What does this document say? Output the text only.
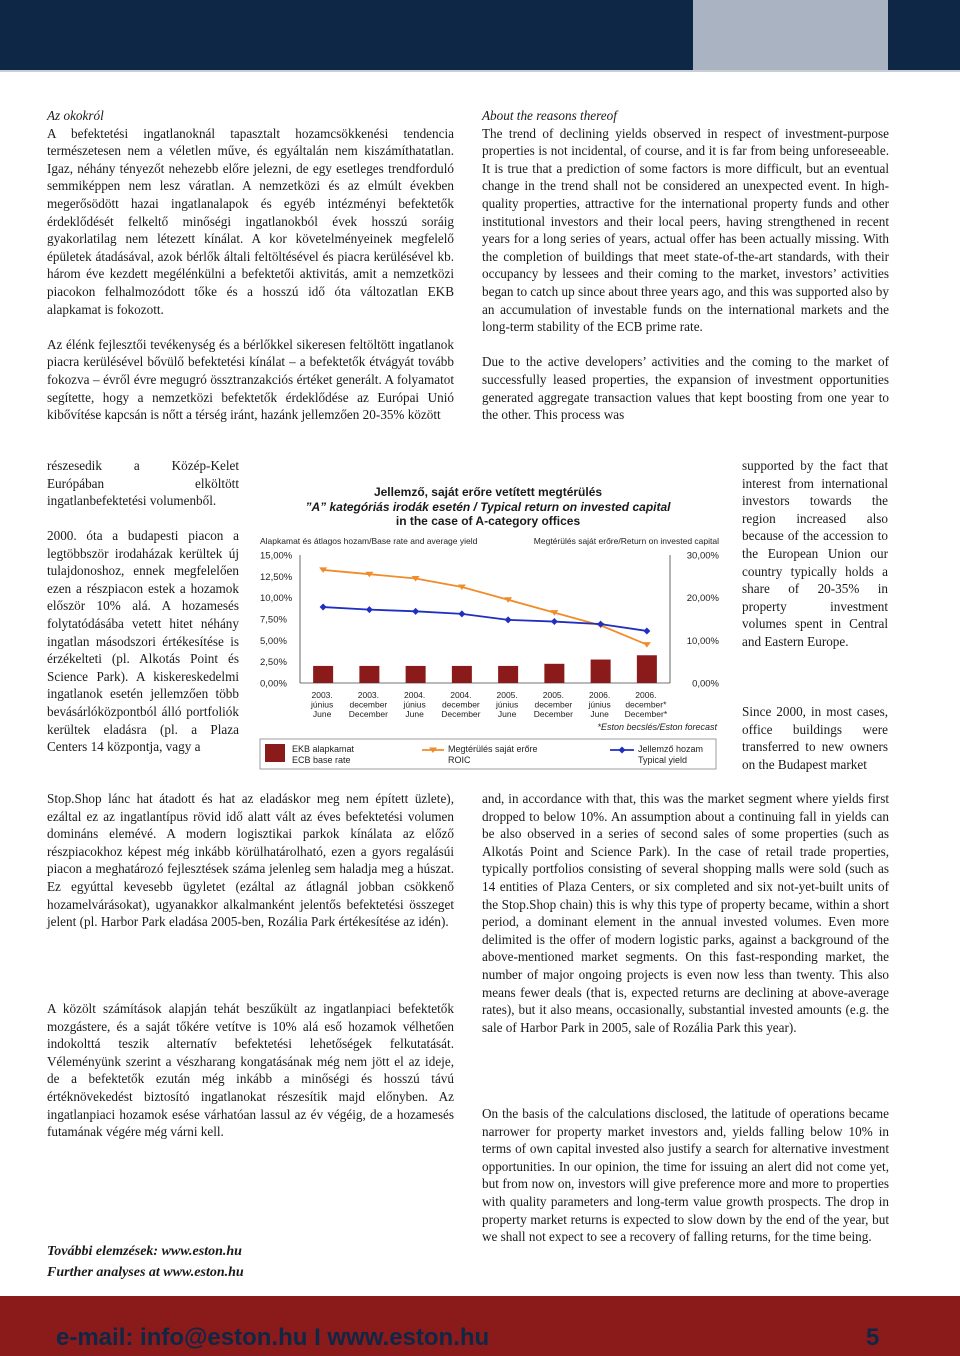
Az okokról

A befektetési ingatlanoknál tapasztalt hozamcsökkenési tendencia természetesen nem a véletlen műve, és egyáltalán nem kiszámíthatatlan. Igaz, néhány tényezőt nehezebb előre jelezni, de egy esetleges trendforduló semmiképpen nem lesz váratlan. A nemzetközi és az elmúlt években megerősödött hazai ingatlanalapok és egyéb intézményi befektetők érdeklődését felkeltő minőségi ingatlanokból évek hosszú soráig gyakorlatilag nem létezett kínálat. A kor követelményeinek megfelelő épületek átadásával, azok bérlők általi feltöltésével és piacra kerülésével kb. három éve kezdett megélénkülni a befektetői aktivitás, amit a nemzetközi piacokon felhalmozódott tőke és a hosszú idő óta változatlan EKB alapkamat is fokozott.

Az élénk fejlesztői tevékenység és a bérlőkkel sikeresen feltöltött ingatlanok piacra kerülésével bővülő befektetési kínálat – a befektetők étvágyát tovább fokozva – évről évre megugró össztranzakciós értéket generált. A folyamatot segítette, hogy a nemzetközi befektetők érdeklődése az Európai Unió kibővítése kapcsán is nőtt a térség iránt, hazánk jellemzően 20-35% között

részesedik a Közép-Kelet Európában elköltött ingatlanbefektetési volumenből.
2000. óta a budapesti piacon a legtöbbször irodaházak kerültek új tulajdonoshoz, ennek megfelelően ezen a részpiacon estek a hozamok először 10% alá. A hozamesés folytatódásába vetett hitet néhány ingatlan másodszori értékesítése is érzékelteti (pl. Alkotás Point és Science Park). A kiskereskedelmi ingatlanok esetén jellemzően több bevásárlóközpontból álló portfoliók kerültek eladásra (pl. a Plaza Centers 14 központja, vagy a

Stop.Shop lánc hat átadott és hat az eladáskor meg nem épített üzlete), ezáltal ez az ingatlantípus rövid idő alatt vált az éves befektetési volumen domináns elemévé. A modern logisztikai parkok kínálata az előző részpiacokhoz képest még inkább körülhatárolható, ezen a gyors regalásúi piacon a meghatározó fejlesztések száma jelenleg sem haladja meg a húszat. Ez egyúttal kevesebb ügyletet (ezáltal az átlagnál jobban csökkenő hozamelvárásokat), ugyanakkor alkalmanként jelentős befektetési összeget jelent (pl. Harbor Park eladása 2005-ben, Rozália Park értékesítése az idén).

A közölt számítások alapján tehát beszűkült az ingatlanpiaci befektetők mozgástere, és a saját tőkére vetítve is 10% alá eső hozamok vélhetően indokolttá teszik alternatív befektetési lehetőségek felkutatását. Véleményünk szerint a vészharang kongatásának még nem jött el az ideje, de a befektetők ezután még inkább a minőségi és hosszú távú értéknövekedést biztosító ingatlanokat részesítik majd előnyben. Az ingatlanpiaci hozamok esése várhatóan lassul az év végéig, de a hozamesés futamának végére még várni kell.

További elemzések: www.eston.hu
Further analyses at www.eston.hu

About the reasons thereof

The trend of declining yields observed in respect of investment-purpose properties is not incidental, of course, and it is far from being unforeseeable. It is true that a prediction of some factors is more difficult, but an eventual change in the trend shall not be considered an unexpected event. In high-quality properties, attractive for the international property funds and other institutional investors and their local peers, having strengthened in recent years for a long series of years, actual offer has been actually missing. With the completion of buildings that meet state-of-the-art standards, with their occupancy by lessees and their coming to the market, investors’ activities began to catch up since about three years ago, and this was supported also by an accumulation of investable funds on the international markets and the long-term stability of the ECB prime rate.

Due to the active developers’ activities and the coming to the market of successfully leased properties, the expansion of investment opportunities generated aggregate transaction values that kept boosting from one year to the other. This process was

supported by the fact that interest from international investors towards the region increased also because of the accession to the European Union our country typically holds a share of 20-35% in property investment volumes spent in Central and Eastern Europe.
Since 2000, in most cases, office buildings were transferred to new owners on the Budapest market

and, in accordance with that, this was the market segment where yields first dropped to below 10%. An assumption about a continuing fall in yields can be also observed in a series of second sales of some properties (such as Alkotás Point and Science Park). In the case of retail trade properties, typically portfolios consisting of several shopping malls were sold (such as 14 entities of Plaza Centers, or six completed and six not-yet-built units of the Stop.Shop chain) this is why this type of property became, within a short period, a dominant element in the annual invested volumes. Even more delimited is the offer of modern logistic parks, against a background of the above-mentioned market segments. On this fast-responding market, the number of major ongoing projects is even now less than twenty. This also means fewer deals (that is, expected returns are declining at above-average rates), but it also means, occasionally, substantial invested amounts (e.g. the sale of Harbor Park in 2005, sale of Rozália Park this year).

On the basis of the calculations disclosed, the latitude of operations became narrower for property market investors and, yields falling below 10% in terms of own capital invested also justify a search for alternative investment opportunities. In our opinion, the time for issuing an alert did not come yet, but from now on, investors will give preference more and more to properties with quality parameters and long-term value growth prospects. The drop in property market returns is expected to slow down by the end of the year, but we shall not expect to see a recovery of falling returns, for the time being.

Jellemző, saját erőre vetített megtérülés
”A” kategóriás irodák esetén / Typical return on invested capital
in the case of A-category offices
Alapkamat és átlagos hozam/Base rate and average yield	Megtérülés saját erőre/Return on invested capital
0,00%
2,50%
5,00%
7,50%
10,00%
12,50%
15,00%
0,00%
10,00%
20,00%
30,00%
2003.
június
June
2003.
december
December
2004.
június
June
2004.
december
December
2005.
június
June
2005.
december
December
2006.
június
June
2006.
december*
December*
*Eston becslés/Eston forecast
EKB alapkamat
ECB base rate
Megtérülés saját erőre
ROIC
Jellemző hozam
Typical yield
e-mail: info@eston.hu I www.eston.hu	5
